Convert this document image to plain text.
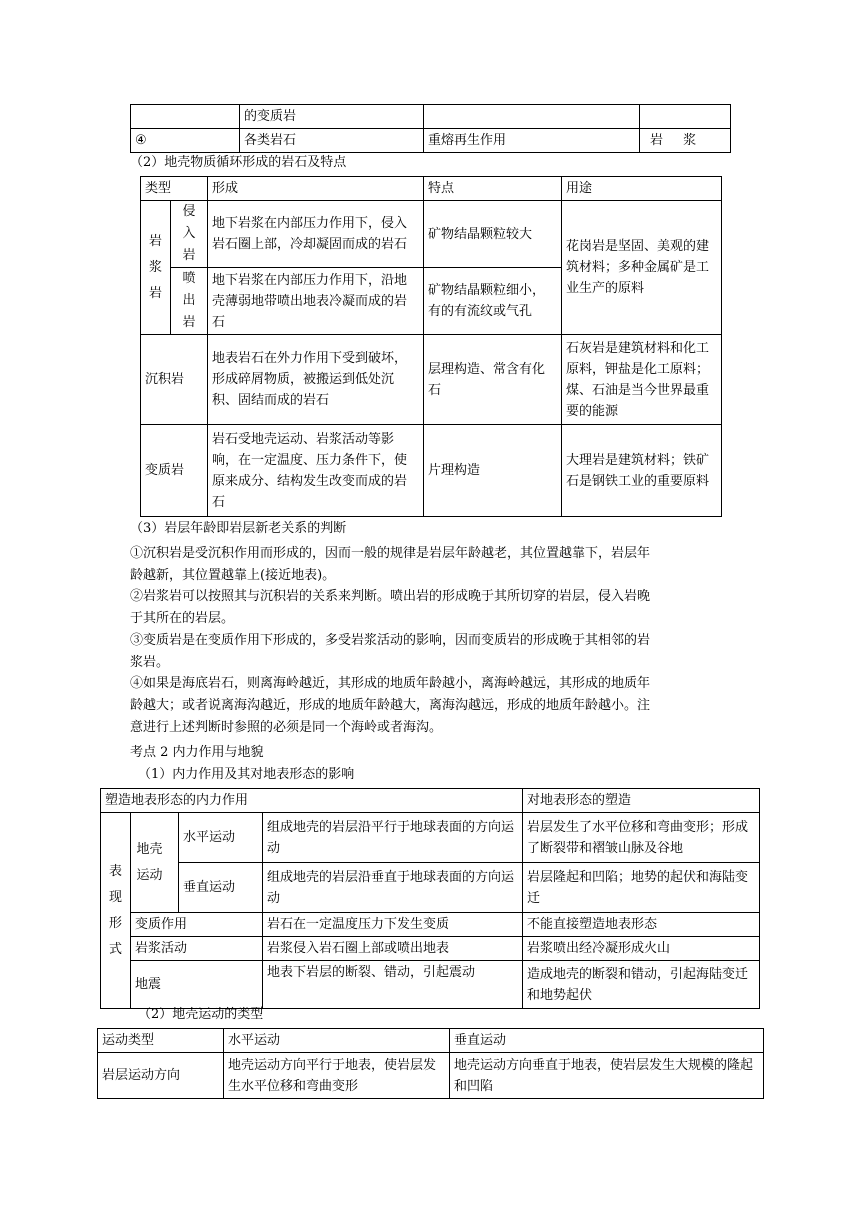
	的变质岩		
④	各类岩石	重熔再生作用	岩 浆
（2）地壳物质循环形成的岩石及特点
类型		形成	特点	用途

岩浆岩	侵入岩	地下岩浆在内部压力作用下，侵入岩石圈上部，冷却凝固而成的岩石	矿物结晶颗粒较大	花岗岩是坚固、美观的建筑材料；多种金属矿是工业生产的原料

	喷出岩	地下岩浆在内部压力作用下，沿地壳薄弱地带喷出地表冷凝而成的岩石	矿物结晶颗粒细小，有的有流纹或气孔	
沉积岩		地表岩石在外力作用下受到破坏，形成碎屑物质，被搬运到低处沉积、固结而成的岩石	层理构造、常含有化石	石灰岩是建筑材料和化工原料，钾盐是化工原料；煤、石油是当今世界最重要的能源
变质岩		岩石受地壳运动、岩浆活动等影响，在一定温度、压力条件下，使原来成分、结构发生改变而成的岩石	片理构造	大理岩是建筑材料；铁矿石是钢铁工业的重要原料
（3）岩层年龄即岩层新老关系的判断
①沉积岩是受沉积作用而形成的，因而一般的规律是岩层年龄越老，其位置越靠下，岩层年
龄越新，其位置越靠上(接近地表)。
②岩浆岩可以按照其与沉积岩的关系来判断。喷出岩的形成晚于其所切穿的岩层，侵入岩晚
于其所在的岩层。
③变质岩是在变质作用下形成的，多受岩浆活动的影响，因而变质岩的形成晚于其相邻的岩
浆岩。
④如果是海底岩石，则离海岭越近，其形成的地质年龄越小，离海岭越远，其形成的地质年
龄越大；或者说离海沟越近，形成的地质年龄越大，离海沟越远，形成的地质年龄越小。注
意进行上述判断时参照的必须是同一个海岭或者海沟。
考点 2 内力作用与地貌
（1）内力作用及其对地表形态的影响
塑造地表形态的内力作用				对地表形态的塑造

表现形式	地壳运动	水平运动	组成地壳的岩层沿平行于地球表面的方向运动	岩层发生了水平位移和弯曲变形；形成了断裂带和褶皱山脉及谷地
		垂直运动	组成地壳的岩层沿垂直于地球表面的方向运动	岩层隆起和凹陷；地势的起伏和海陆变迁
	变质作用		岩石在一定温度压力下发生变质	不能直接塑造地表形态
	岩浆活动		岩浆侵入岩石圈上部或喷出地表	岩浆喷出经冷凝形成火山
	地震		地表下岩层的断裂、错动，引起震动	造成地壳的断裂和错动，引起海陆变迁和地势起伏
（2）地壳运动的类型
运动类型	水平运动	垂直运动
岩层运动方向	地壳运动方向平行于地表，使岩层发生水平位移和弯曲变形	地壳运动方向垂直于地表，使岩层发生大规模的隆起和凹陷
